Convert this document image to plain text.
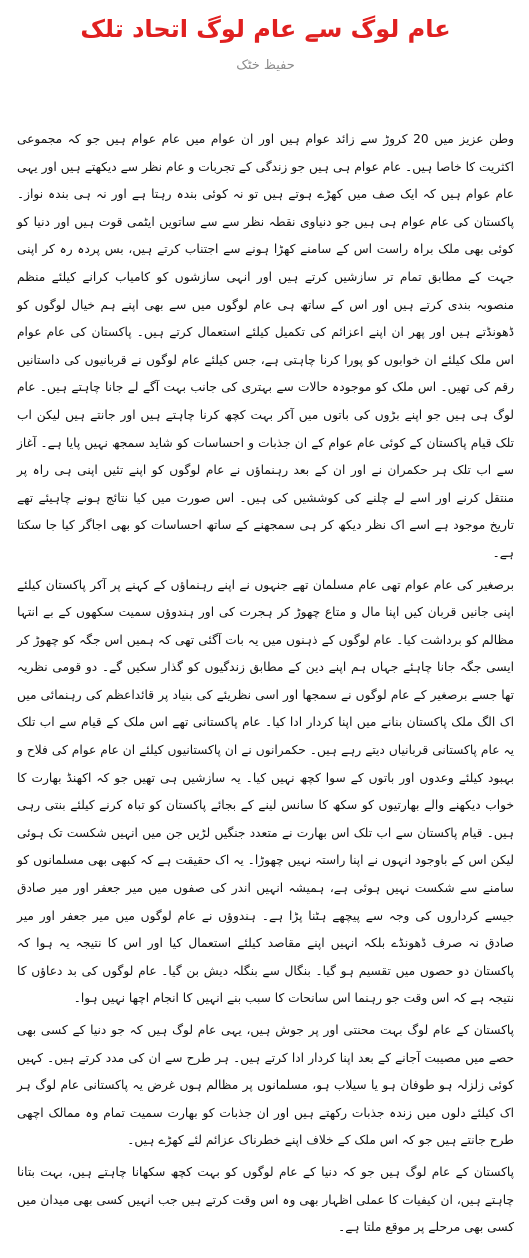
عام لوگ سے عام لوگ اتحاد تلک
حفیظ خٹک

وطن عزیز میں 20 کروڑ سے زائد عوام ہیں اور ان عوام میں عام عوام ہیں جو کہ مجموعی اکثریت کا خاصا ہیں۔ عام عوام ہی ہیں جو زندگی کے تجربات و عام نظر سے دیکھتے ہیں اور یہی عام عوام ہیں کہ ایک صف میں کھڑے ہوتے ہیں تو نہ کوئی بندہ رہتا ہے اور نہ ہی بندہ نواز۔ پاکستان کی عام عوام ہی ہیں جو دنیاوی نقطہ نظر سے سے ساتویں ایٹمی قوت ہیں اور دنیا کو کوئی بھی ملک براہ راست اس کے سامنے کھڑا ہونے سے اجتناب کرتے ہیں، بس پردہ رہ کر اپنی جہت کے مطابق تمام تر سازشیں کرتے ہیں اور انہی سازشوں کو کامیاب کرانے کیلئے منظم منصوبہ بندی کرتے ہیں اور اس کے ساتھ ہی عام لوگوں میں سے بھی اپنے ہم خیال لوگوں کو ڈھونڈتے ہیں اور پھر ان اپنے اعزائم کی تکمیل کیلئے استعمال کرتے ہیں۔ پاکستان کی عام عوام اس ملک کیلئے ان خوابوں کو پورا کرنا چاہتی ہے، جس کیلئے عام لوگوں نے قربانیوں کی داستانیں رقم کی تھیں۔ اس ملک کو موجودہ حالات سے بہتری کی جانب بہت آگے لے جانا چاہتے ہیں۔ عام لوگ ہی ہیں جو اپنے بڑوں کی باتوں میں آکر بہت کچھ کرنا چاہتے ہیں اور جانتے ہیں لیکن اب تلک قیام پاکستان کے کوئی عام عوام کے ان جذبات و احساسات کو شاید سمجھ نہیں پایا ہے۔ آغاز سے اب تلک ہر حکمران نے اور ان کے بعد رہنماؤں نے عام لوگوں کو اپنے تئیں اپنی ہی راہ پر منتقل کرنے اور اسے لے چلنے کی کوششیں کی ہیں۔ اس صورت میں کیا نتائج ہونے چاہیئے تھے تاریخ موجود ہے اسے اک نظر دیکھ کر ہی سمجھنے کے ساتھ احساسات کو بھی اجاگر کیا جا سکتا ہے۔

برصغیر کی عام عوام تھی عام مسلمان تھے جنہوں نے اپنے رہنماؤں کے کہنے پر آکر پاکستان کیلئے اپنی جانیں قربان کیں اپنا مال و متاع چھوڑ کر ہجرت کی اور ہندوؤں سمیت سکھوں کے بے انتہا مظالم کو برداشت کیا۔ عام لوگوں کے ذہنوں میں یہ بات آگئی تھی کہ ہمیں اس جگہ کو چھوڑ کر ایسی جگہ جانا چاہئے جہاں ہم اپنے دین کے مطابق زندگیوں کو گذار سکیں گے۔ دو قومی نظریہ تھا جسے برصغیر کے عام لوگوں نے سمجھا اور اسی نظریئے کی بنیاد پر قائداعظم کی رہنمائی میں اک الگ ملک پاکستان بنانے میں اپنا کردار ادا کیا۔ عام پاکستانی تھے اس ملک کے قیام سے اب تلک یہ عام پاکستانی قربانیاں دیتے رہے ہیں۔ حکمرانوں نے ان پاکستانیوں کیلئے ان عام عوام کی فلاح و بہبود کیلئے وعدوں اور باتوں کے سوا کچھ نہیں کیا۔ یہ سازشیں ہی تھیں جو کہ اکھنڈ بھارت کا خواب دیکھنے والے بھارتیوں کو سکھ کا سانس لینے کے بجائے پاکستان کو تباہ کرنے کیلئے بنتی رہی ہیں۔ قیام پاکستان سے اب تلک اس بھارت نے متعدد جنگیں لڑیں جن میں انہیں شکست تک ہوئی لیکن اس کے باوجود انہوں نے اپنا راستہ نہیں چھوڑا۔ یہ اک حقیقت ہے کہ کبھی بھی مسلمانوں کو سامنے سے شکست نہیں ہوئی ہے، ہمیشہ انہیں اندر کی صفوں میں میر جعفر اور میر صادق جیسے کرداروں کی وجہ سے پیچھے ہٹنا پڑا ہے۔ ہندوؤں نے عام لوگوں میں میر جعفر اور میر صادق نہ صرف ڈھونڈے بلکہ انہیں اپنے مقاصد کیلئے استعمال کیا اور اس کا نتیجہ یہ ہوا کہ پاکستان دو حصوں میں تقسیم ہو گیا۔ بنگال سے بنگلہ دیش بن گیا۔ عام لوگوں کی بد دعاؤں کا نتیجہ ہے کہ اس وقت جو رہنما اس سانحات کا سبب بنے انہیں کا انجام اچھا نہیں ہوا۔

پاکستان کے عام لوگ بہت محنتی اور پر جوش ہیں، یہی عام لوگ ہیں کہ جو دنیا کے کسی بھی حصے میں مصیبت آجانے کے بعد اپنا کردار ادا کرتے ہیں۔ ہر طرح سے ان کی مدد کرتے ہیں۔ کہیں کوئی زلزلہ ہو طوفان ہو یا سیلاب ہو، مسلمانوں پر مظالم ہوں غرض یہ پاکستانی عام لوگ ہر اک کیلئے دلوں میں زندہ جذبات رکھتے ہیں اور ان جذبات کو بھارت سمیت تمام وہ ممالک اچھی طرح جانتے ہیں جو کہ اس ملک کے خلاف اپنے خطرناک عزائم لئے کھڑے ہیں۔

پاکستان کے عام لوگ ہیں جو کہ دنیا کے عام لوگوں کو بہت کچھ سکھانا چاہتے ہیں، بہت بتانا چاہتے ہیں، ان کیفیات کا عملی اظہار بھی وہ اس وقت کرتے ہیں جب انہیں کسی بھی میدان میں کسی بھی مرحلے پر موقع ملتا ہے۔
